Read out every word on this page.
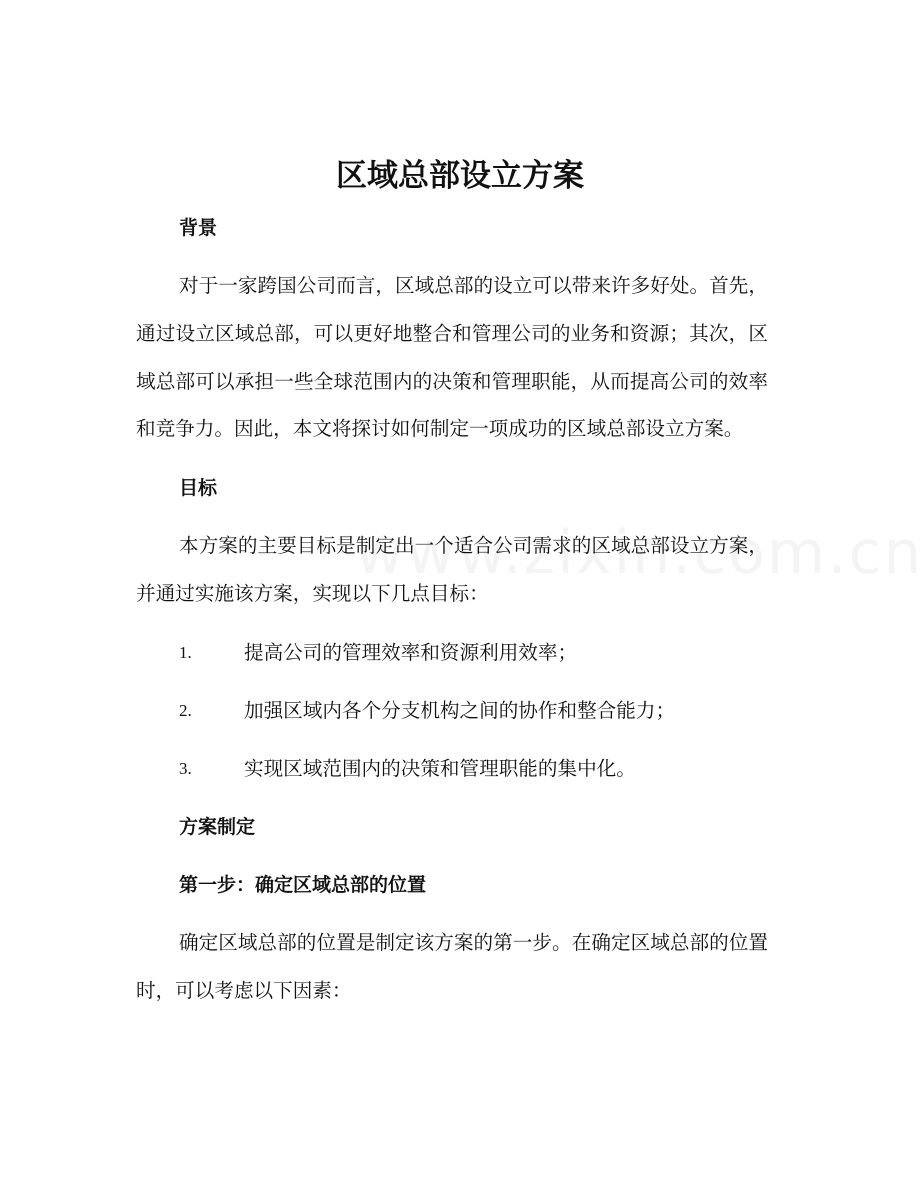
区域总部设立方案
背景

对于一家跨国公司而言，区域总部的设立可以带来许多好处。首先，通过设立区域总部，可以更好地整合和管理公司的业务和资源；其次，区域总部可以承担一些全球范围内的决策和管理职能，从而提高公司的效率和竞争力。因此，本文将探讨如何制定一项成功的区域总部设立方案。

目标

本方案的主要目标是制定出一个适合公司需求的区域总部设立方案，并通过实施该方案，实现以下几点目标：

1.	提高公司的管理效率和资源利用效率；
2.	加强区域内各个分支机构之间的协作和整合能力；
3.	实现区域范围内的决策和管理职能的集中化。
方案制定
第一步：确定区域总部的位置

确定区域总部的位置是制定该方案的第一步。在确定区域总部的位置时，可以考虑以下因素：
